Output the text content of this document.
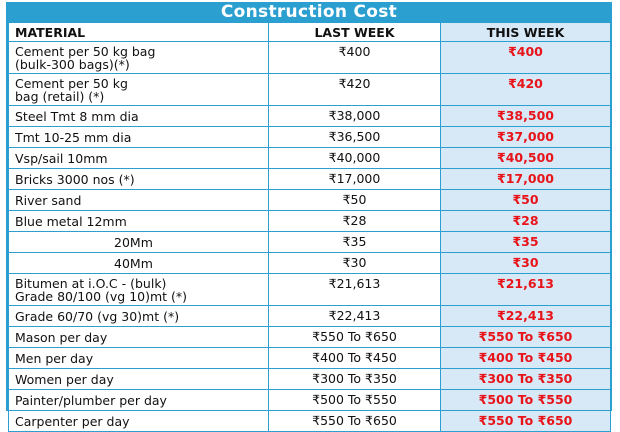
Construction Cost
MATERIAL	LAST WEEK	THIS WEEK
Cement per 50 kg bag
(bulk-300 bags)(*)	₹400	₹400
Cement per 50 kg
bag (retail) (*)	₹420	₹420
Steel Tmt 8 mm dia	₹38,000	₹38,500
Tmt 10-25 mm dia	₹36,500	₹37,000
Vsp/sail 10mm	₹40,000	₹40,500
Bricks 3000 nos (*)	₹17,000	₹17,000
River sand	₹50	₹50
Blue metal 12mm	₹28	₹28
20Mm	₹35	₹35
40Mm	₹30	₹30
Bitumen at i.O.C - (bulk)
Grade 80/100 (vg 10)mt (*)	₹21,613	₹21,613
Grade 60/70 (vg 30)mt (*)	₹22,413	₹22,413
Mason per day	₹550 To ₹650	₹550 To ₹650
Men per day	₹400 To ₹450	₹400 To ₹450
Women per day	₹300 To ₹350	₹300 To ₹350
Painter/plumber per day	₹500 To ₹550	₹500 To ₹550
Carpenter per day	₹550 To ₹650	₹550 To ₹650
